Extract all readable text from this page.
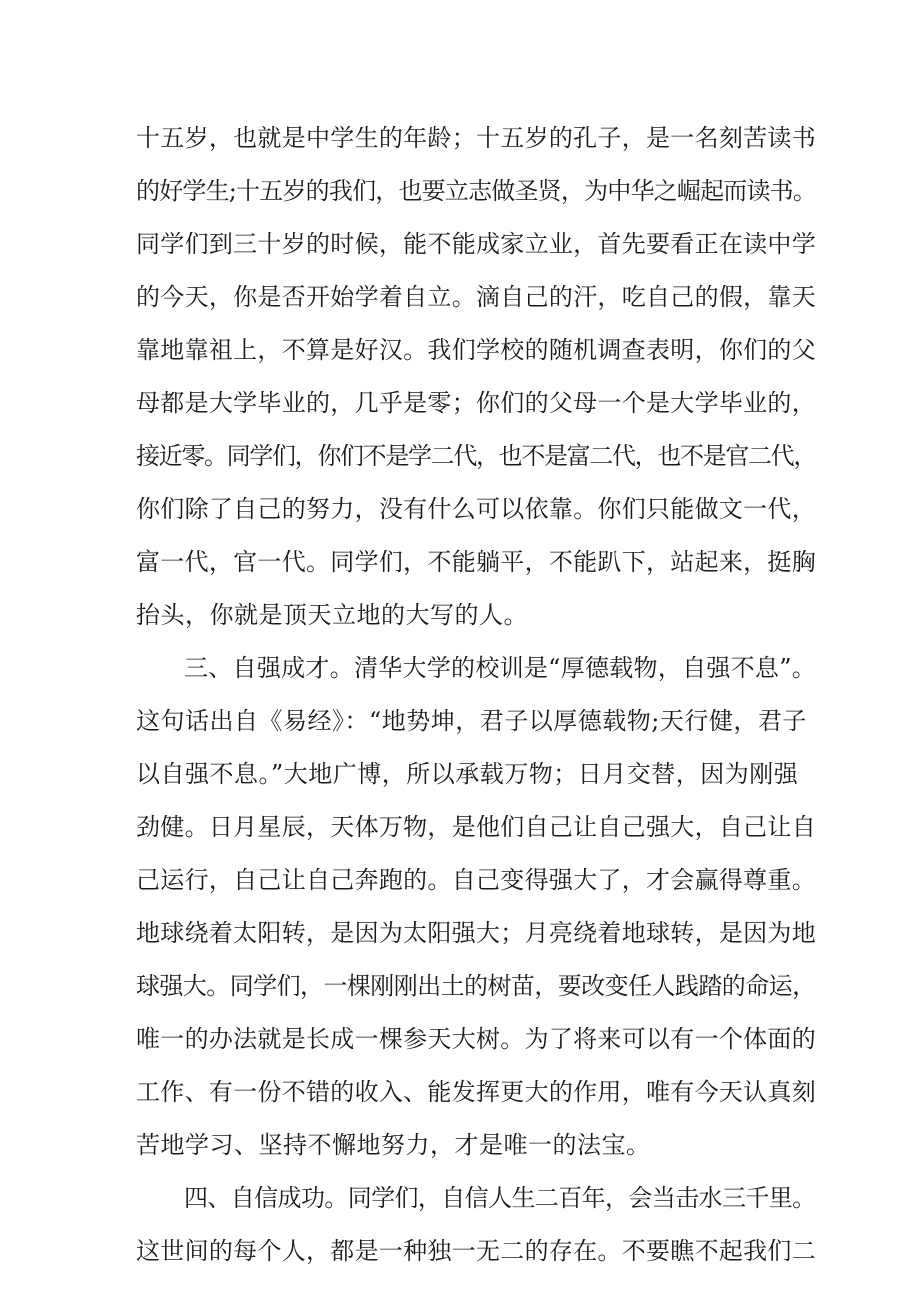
十五岁，也就是中学生的年龄；十五岁的孔子，是一名刻苦读书
的好学生;十五岁的我们，也要立志做圣贤，为中华之崛起而读书。
同学们到三十岁的时候，能不能成家立业，首先要看正在读中学
的今天，你是否开始学着自立。滴自己的汗，吃自己的假，靠天
靠地靠祖上，不算是好汉。我们学校的随机调查表明，你们的父
母都是大学毕业的，几乎是零；你们的父母一个是大学毕业的，
接近零。同学们，你们不是学二代，也不是富二代，也不是官二代，
你们除了自己的努力，没有什么可以依靠。你们只能做文一代，
富一代，官一代。同学们，不能躺平，不能趴下，站起来，挺胸
抬头，你就是顶天立地的大写的人。
三、自强成才。清华大学的校训是“厚德载物，自强不息”。
这句话出自《易经》：“地势坤，君子以厚德载物;天行健，君子
以自强不息。”大地广博，所以承载万物；日月交替，因为刚强
劲健。日月星辰，天体万物，是他们自己让自己强大，自己让自
己运行，自己让自己奔跑的。自己变得强大了，才会赢得尊重。
地球绕着太阳转，是因为太阳强大；月亮绕着地球转，是因为地
球强大。同学们，一棵刚刚出土的树苗，要改变任人践踏的命运，
唯一的办法就是长成一棵参天大树。为了将来可以有一个体面的
工作、有一份不错的收入、能发挥更大的作用，唯有今天认真刻
苦地学习、坚持不懈地努力，才是唯一的法宝。
四、自信成功。同学们，自信人生二百年，会当击水三千里。
这世间的每个人，都是一种独一无二的存在。不要瞧不起我们二
